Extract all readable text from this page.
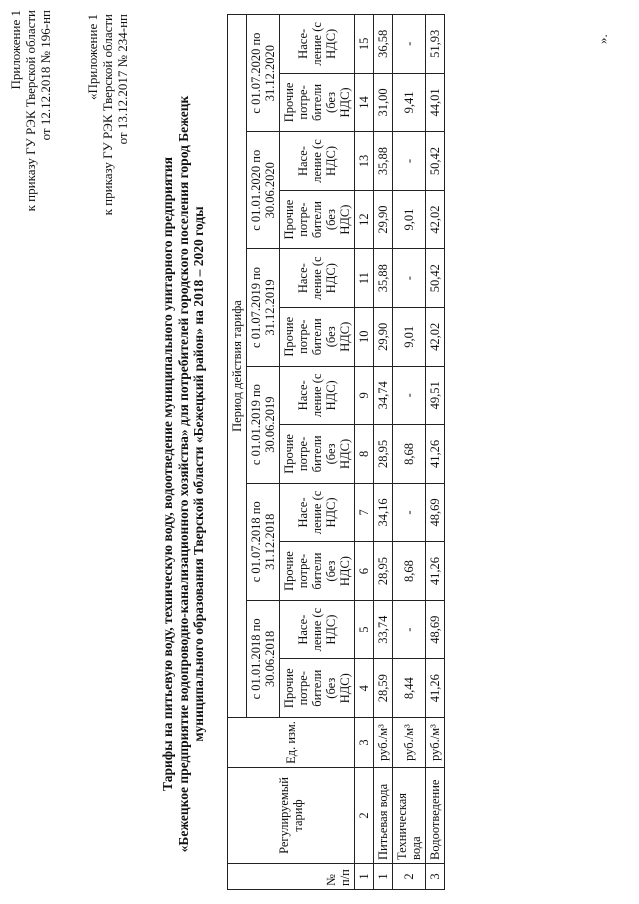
Приложение 1 к приказу ГУ РЭК Тверской области от 12.12.2018 № 196-нп «Приложение 1 к приказу ГУ РЭК Тверской области от 13.12.2017 № 234-нп
Тарифы на питьевую воду, техническую воду, водоотведение муниципального унитарного предприятия «Бежецкое предприятие водопроводно-канализационного хозяйства» для потребителей городского поселения город Бежецк муниципального образования Тверской области «Бежецкий район» на 2018 – 2020 годы
№ п/п	Регулируемый тариф	Ед. изм.	Период действия тарифа											
			с 01.01.2018 по 30.06.2018		с 01.07.2018 по 31.12.2018		с 01.01.2019 по 30.06.2019		с 01.07.2019 по 31.12.2019		с 01.01.2020 по 30.06.2020		с 01.07.2020 по 31.12.2020	
			Прочие потре- бители (без НДС)	Насе- ление (с НДС)	Прочие потре- бители (без НДС)	Насе- ление (с НДС)	Прочие потре- бители (без НДС)	Насе- ление (с НДС)	Прочие потре- бители (без НДС)	Насе- ление (с НДС)	Прочие потре- бители (без НДС)	Насе- ление (с НДС)	Прочие потре- бители (без НДС)	Насе- ление (с НДС)
1	2	3	4	5	6	7	8	9	10	11	12	13	14	15
1	Питьевая вода	руб./м³	28,59	33,74	28,95	34,16	28,95	34,74	29,90	35,88	29,90	35,88	31,00	36,58
2	Техническая вода	руб./м³	8,44	-	8,68	-	8,68	-	9,01	-	9,01	-	9,41	-
3	Водоотведение	руб./м³	41,26	48,69	41,26	48,69	41,26	49,51	42,02	50,42	42,02	50,42	44,01	51,93	».
